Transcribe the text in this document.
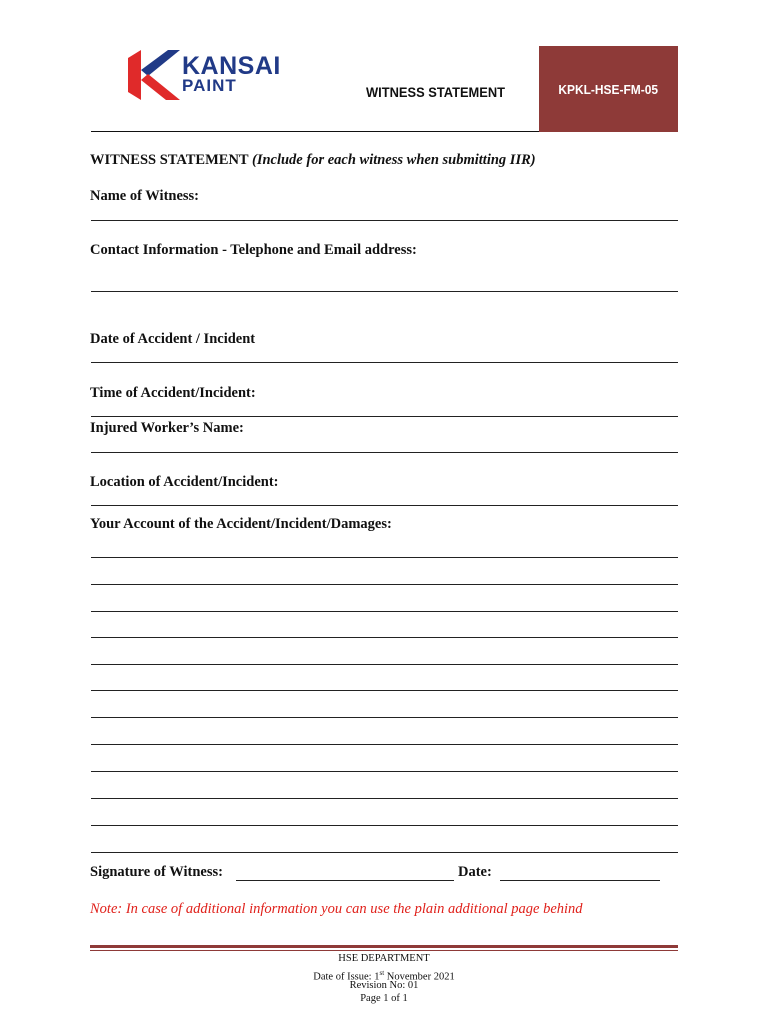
KANSAI
PAINT	WITNESS STATEMENT	KPKL-HSE-FM-05
WITNESS STATEMENT (Include for each witness when submitting IIR)
Name of Witness:
Contact Information - Telephone and Email address:
Date of Accident / Incident
Time of Accident/Incident:
Injured Worker’s Name:
Location of Accident/Incident:
Your Account of the Accident/Incident/Damages:
Signature of Witness:	Date:
Note: In case of additional information you can use the plain additional page behind
HSE DEPARTMENT
Date of Issue: 1st November 2021
Revision No: 01
Page 1 of 1
